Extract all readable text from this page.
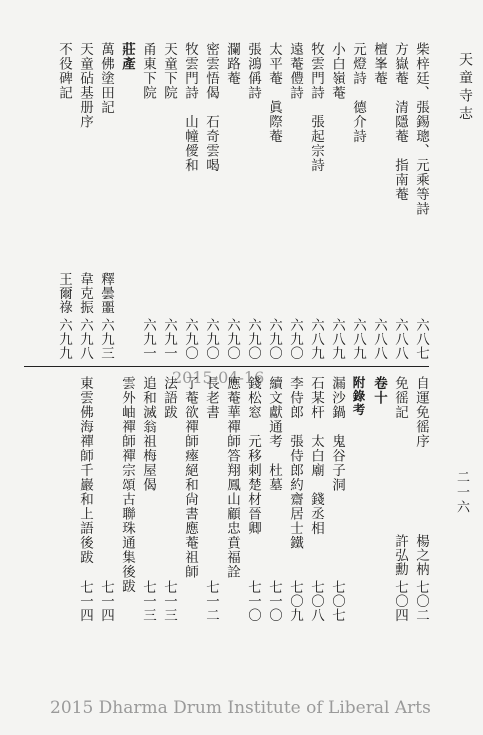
天童寺志
二一六
柴梓廷、張錫璁、元乘等詩
六八七
方嶽菴　清隱菴　指南菴
六八八
檀峯菴
六八八
元燈詩　德介詩
六八九
小白嶺菴
六八九
牧雲門詩　張起宗詩
六八九
遠菴僼詩
六九〇
太平菴　眞際菴
六九〇
張鴻偁詩
六九〇
瀾路菴
六九〇
密雲悟偈　石奇雲喝
六九〇
牧雲門詩　山幢僾和
六九〇
天童下院
六九一
甬東下院
六九一
莊產
萬佛塗田記
釋曇噩
六九三
天童砧基册序
韋克振
六九八
不役碑記
王爾祿
六九九
2015-04-16	自運免徭序
楊之枘
七〇二
免徭記
許弘勳
七〇四
卷十
附錄考
漏沙鍋　鬼谷子洞
七〇七
石某杆　太白廟　錢丞相
七〇八
李侍郎　張侍郎約齋居士鐵
七〇九
續文獻通考　杜墓
七一〇
錢松窓　元移刺楚材晉卿
七一〇
應菴華禪師答翔鳳山顧忠賁福詮
長老書
七一二
了菴欲禪師瘞絕和尙書應菴祖師
法語跋
七一三
追和滅翁祖梅屋偈
七一三
雲外岫禪師禪宗頌古聯珠通集後跋
七一四
東雲佛海禪師千巖和上語後跋
七一四
2015 Dharma Drum Institute of Liberal Arts
